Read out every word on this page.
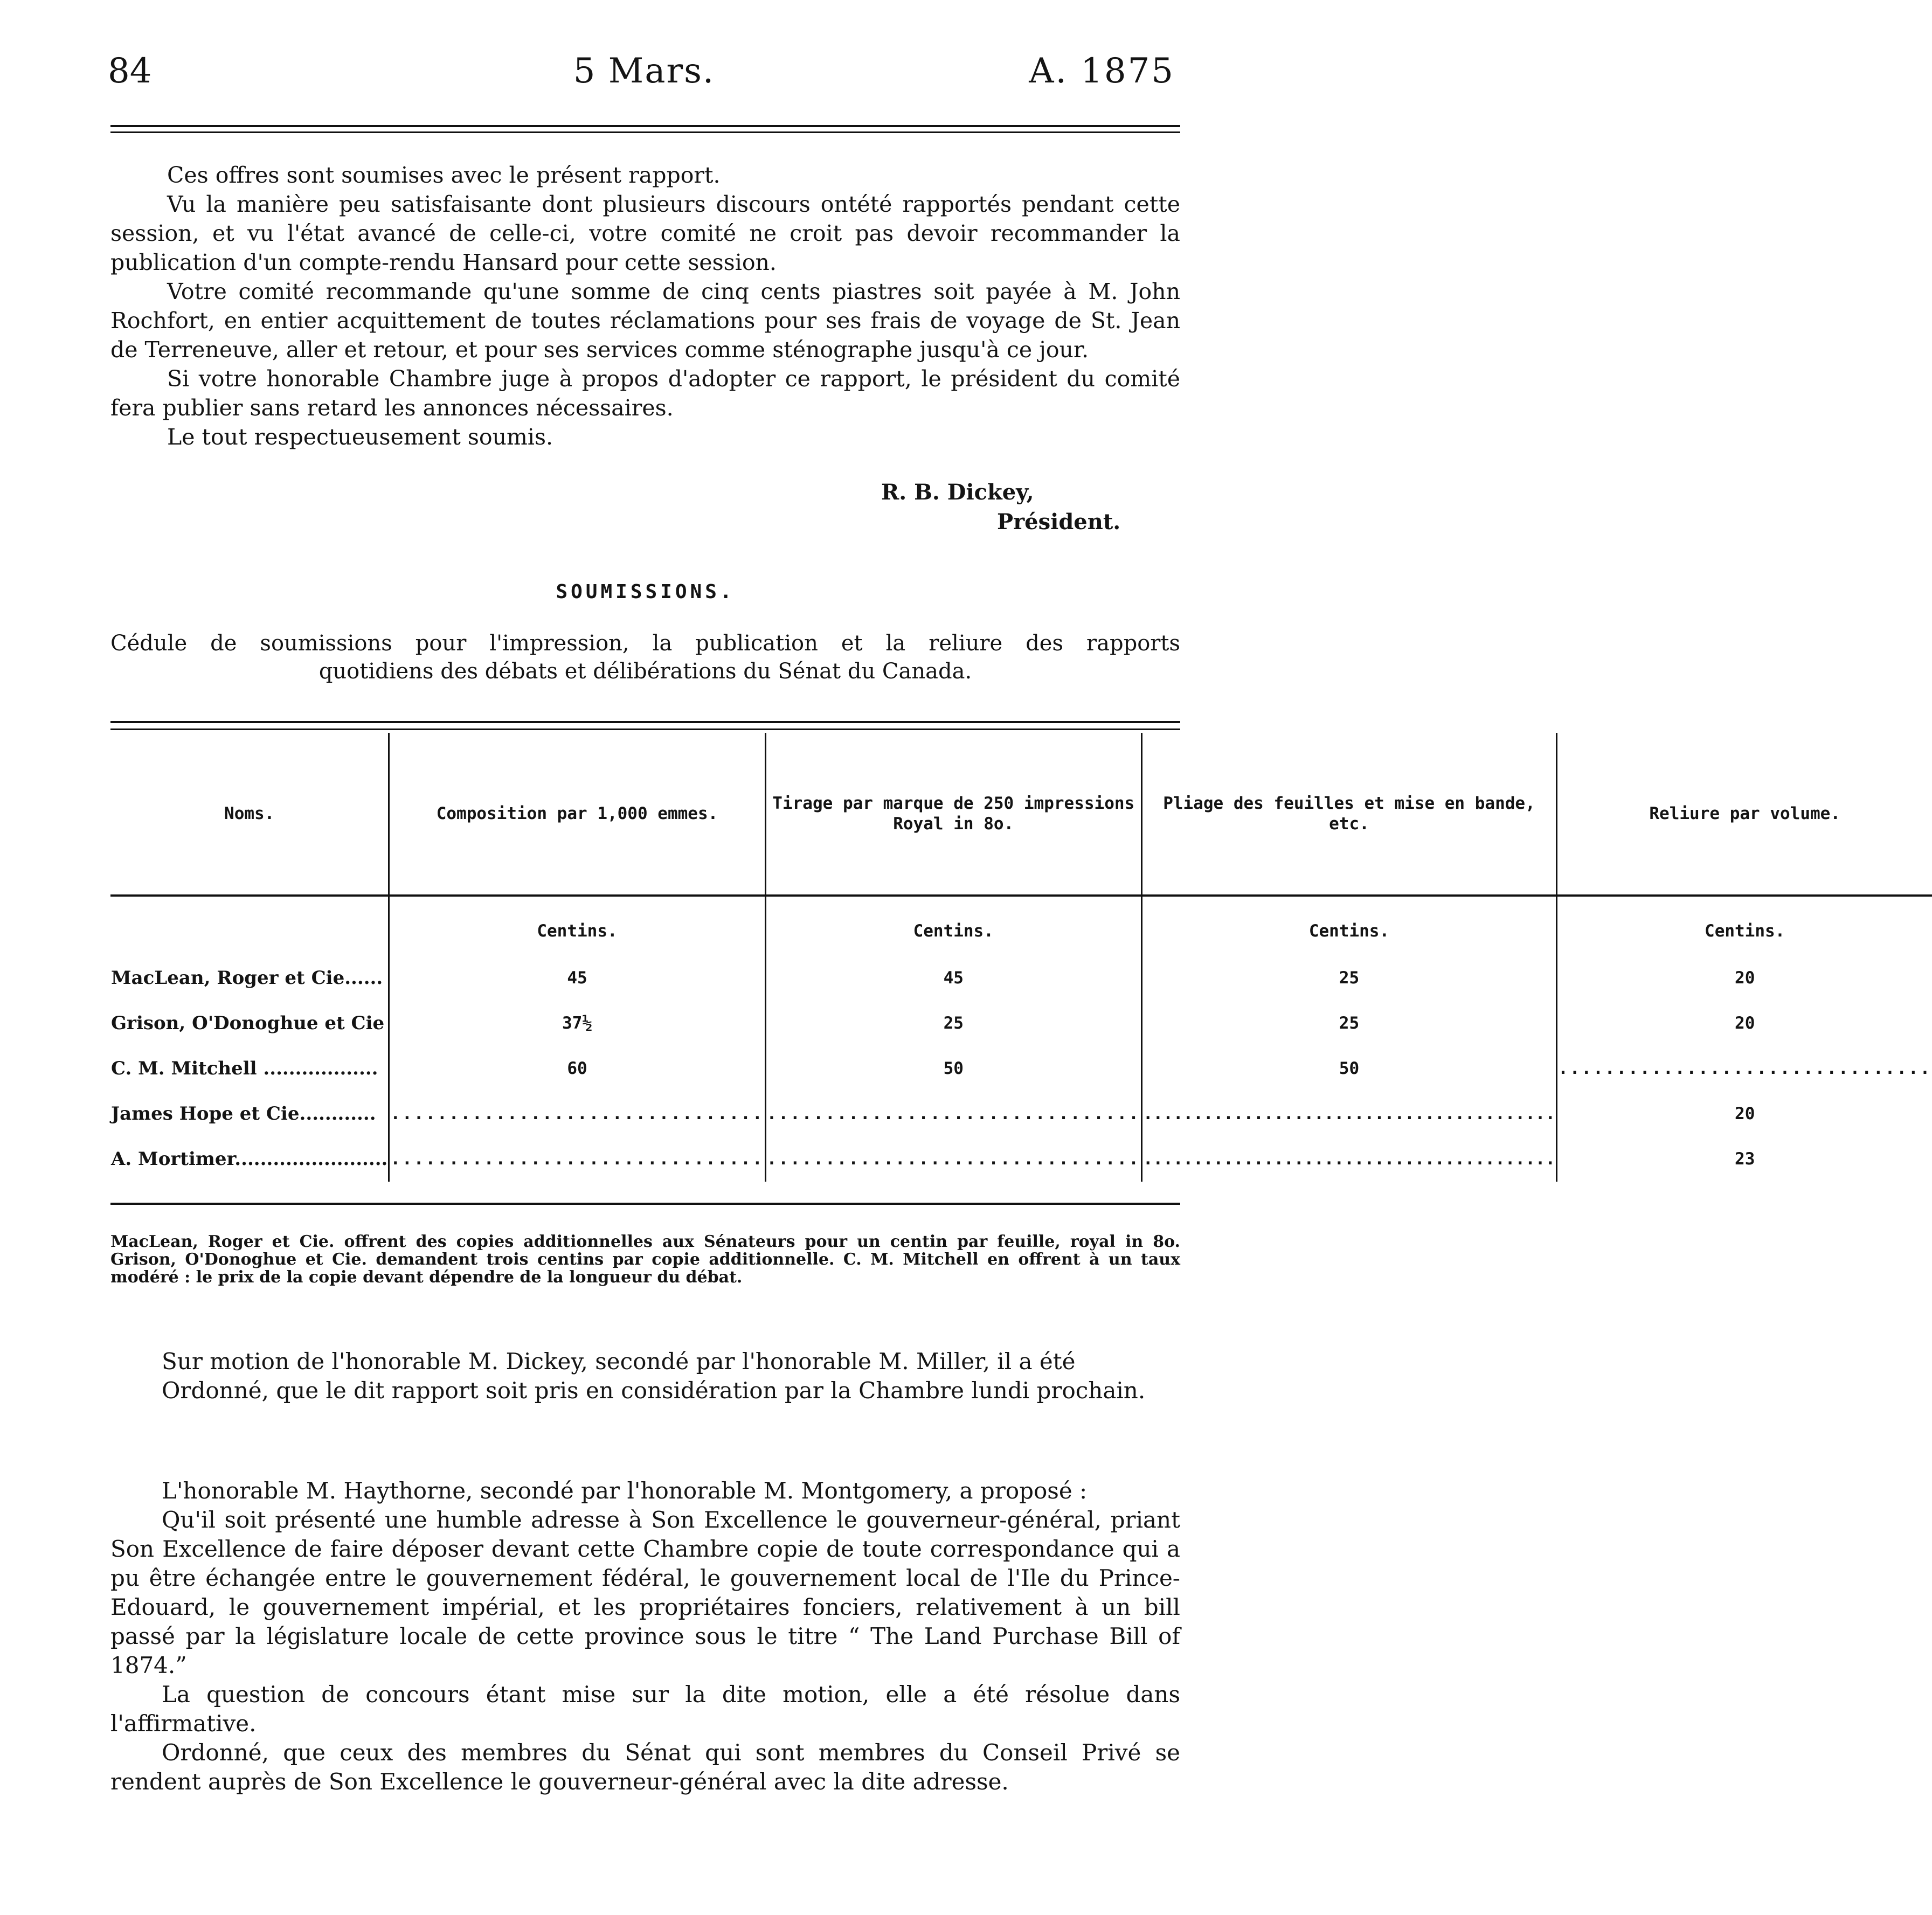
84	5 Mars.	A. 1875

Ces offres sont soumises avec le présent rapport.

Vu la manière peu satisfaisante dont plusieurs discours ontété rapportés pendant cette session, et vu l'état avancé de celle-ci, votre comité ne croit pas devoir recommander la publication d'un compte-rendu Hansard pour cette session.

Votre comité recommande qu'une somme de cinq cents piastres soit payée à M. John Rochfort, en entier acquittement de toutes réclamations pour ses frais de voyage de St. Jean de Terreneuve, aller et retour, et pour ses services comme sténographe jusqu'à ce jour.

Si votre honorable Chambre juge à propos d'adopter ce rapport, le président du comité fera publier sans retard les annonces nécessaires.

Le tout respectueusement soumis.

R. B. Dickey,
Président.
SOUMISSIONS.
Cédule de soumissions pour l'impression, la publication et la reliure des rapports
quotidiens des débats et délibérations du Sénat du Canada.
Noms.	Composition par 1,000 emmes.	Tirage par marque de 250 impressions Royal in 8o.	Pliage des feuilles et mise en bande, etc.	Reliure par volume.
	Centins.	Centins.	Centins.	Centins.
MacLean, Roger et Cie......	45	45	25	20
Grison, O'Donoghue et Cie	37½	25	25	20
C. M. Mitchell ..................	60	50	50	................................
James Hope et Cie............	................................	................................	.........................................	20
A. Mortimer........................	................................	................................	.........................................	23
MacLean, Roger et Cie. offrent des copies additionnelles aux Sénateurs pour un centin par feuille, royal in 8o. Grison, O'Donoghue et Cie. demandent trois centins par copie additionnelle. C. M. Mitchell en offrent à un taux modéré : le prix de la copie devant dépendre de la longueur du débat.

Sur motion de l'honorable M. Dickey, secondé par l'honorable M. Miller, il a été

Ordonné, que le dit rapport soit pris en considération par la Chambre lundi prochain.

L'honorable M. Haythorne, secondé par l'honorable M. Montgomery, a proposé :

Qu'il soit présenté une humble adresse à Son Excellence le gouverneur-général, priant Son Excellence de faire déposer devant cette Chambre copie de toute correspondance qui a pu être échangée entre le gouvernement fédéral, le gouvernement local de l'Ile du Prince-Edouard, le gouvernement impérial, et les propriétaires fonciers, relativement à un bill passé par la législature locale de cette province sous le titre “ The Land Purchase Bill of 1874.”

La question de concours étant mise sur la dite motion, elle a été résolue dans l'affirmative.

Ordonné, que ceux des membres du Sénat qui sont membres du Conseil Privé se rendent auprès de Son Excellence le gouverneur-général avec la dite adresse.
